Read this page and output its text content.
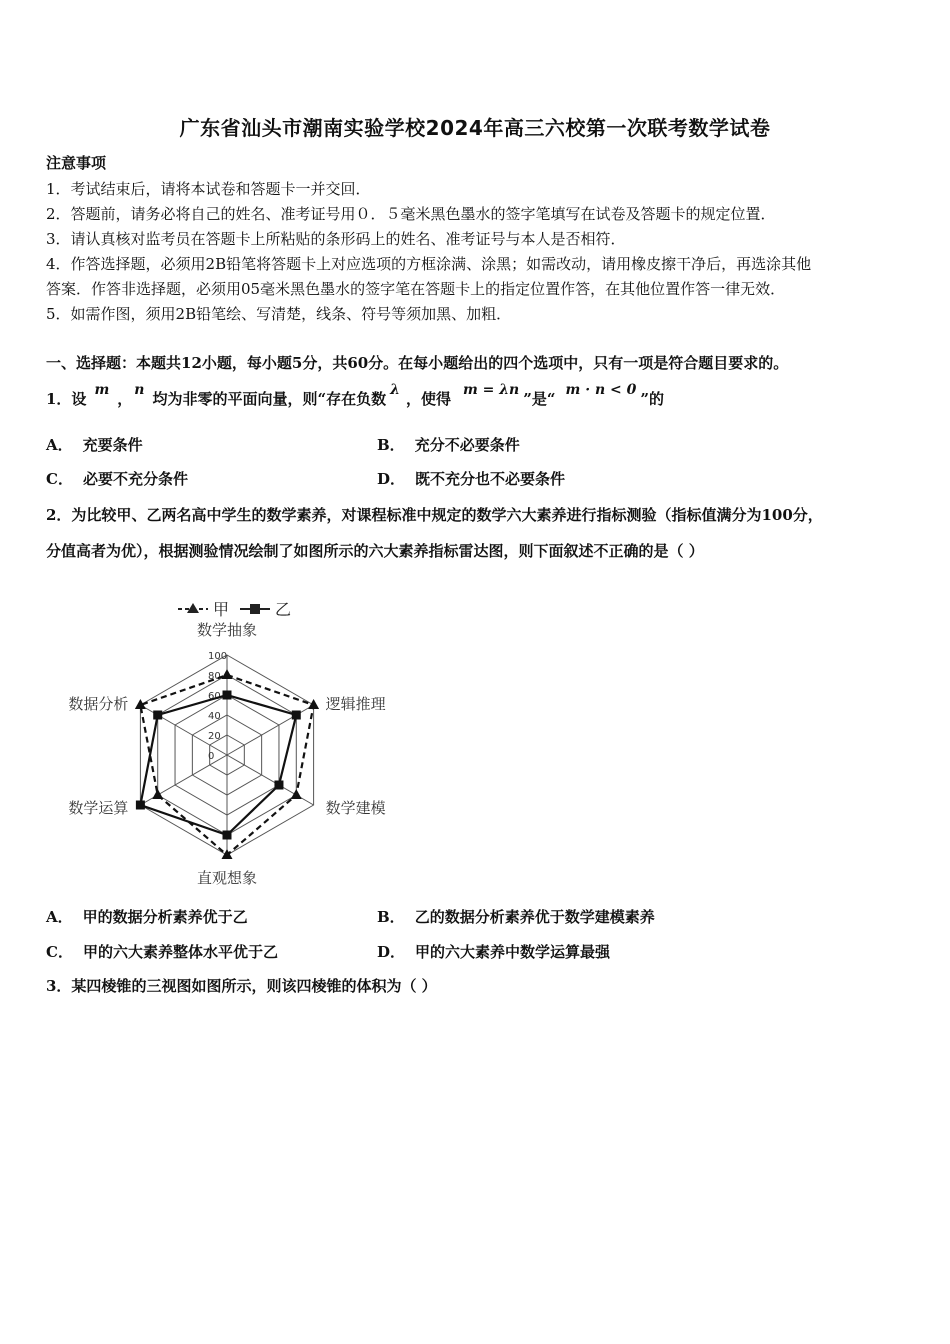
广东省汕头市潮南实验学校2024年高三六校第一次联考数学试卷
注意事项
1．考试结束后，请将本试卷和答题卡一并交回．
2．答题前，请务必将自己的姓名、准考证号用０．５毫米黑色墨水的签字笔填写在试卷及答题卡的规定位置．
3．请认真核对监考员在答题卡上所粘贴的条形码上的姓名、准考证号与本人是否相符．
4．作答选择题，必须用2B铅笔将答题卡上对应选项的方框涂满、涂黑；如需改动，请用橡皮擦干净后，再选涂其他
答案．作答非选择题，必须用05毫米黑色墨水的签字笔在答题卡上的指定位置作答，在其他位置作答一律无效．
5．如需作图，须用2B铅笔绘、写清楚，线条、符号等须加黑、加粗．
一、选择题：本题共12小题，每小题5分，共60分。在每小题给出的四个选项中，只有一项是符合题目要求的。
1．设 m ， n 均为非零的平面向量，则“存在负数 λ ，使得 m = λn ”是“ m · n < 0 ”的
A． 充要条件	B． 充分不必要条件
C． 必要不充分条件	D． 既不充分也不必要条件
2．为比较甲、乙两名高中学生的数学素养，对课程标准中规定的数学六大素养进行指标测验（指标值满分为100分，
分值高者为优），根据测验情况绘制了如图所示的六大素养指标雷达图，则下面叙述不正确的是（ ）
甲	乙
100
80
60
40
20
0
数学抽象
逻辑推理
数学建模
直观想象
数学运算
数据分析
A． 甲的数据分析素养优于乙	B． 乙的数据分析素养优于数学建模素养
C． 甲的六大素养整体水平优于乙	D． 甲的六大素养中数学运算最强
3．某四棱锥的三视图如图所示，则该四棱锥的体积为（ ）
